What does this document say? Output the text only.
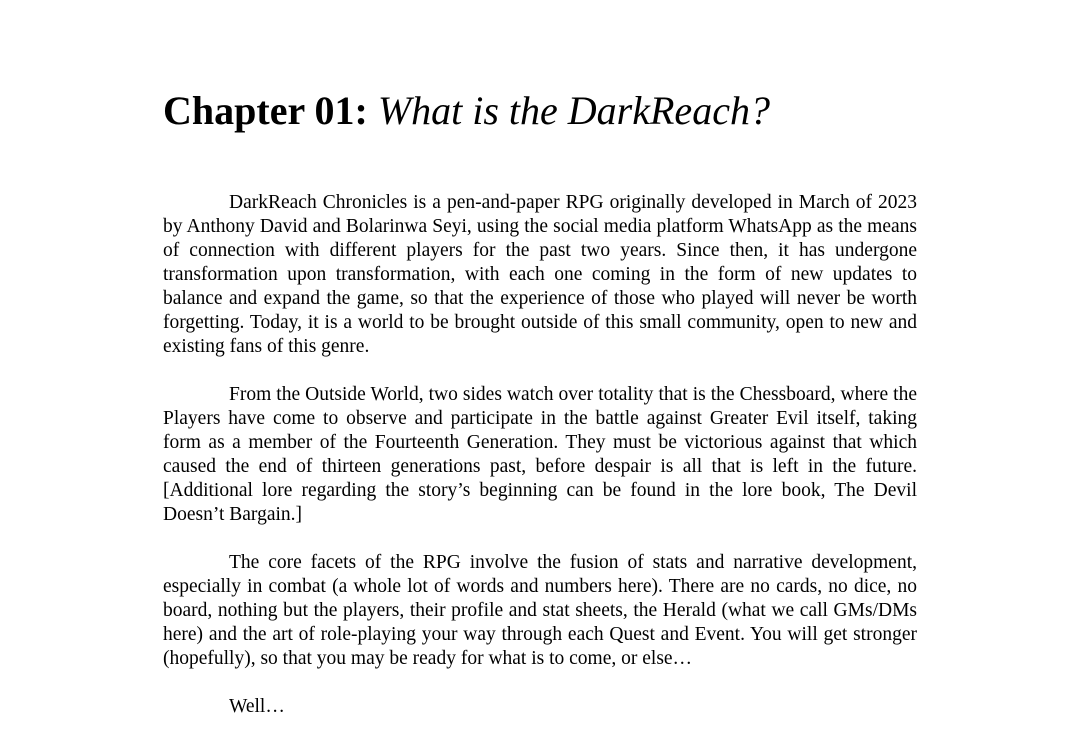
Chapter 01: What is the DarkReach?

DarkReach Chronicles is a pen-and-paper RPG originally developed in March of 2023 by Anthony David and Bolarinwa Seyi, using the social media platform WhatsApp as the means of connection with different players for the past two years. Since then, it has undergone transformation upon transformation, with each one coming in the form of new updates to balance and expand the game, so that the experience of those who played will never be worth forgetting. Today, it is a world to be brought outside of this small community, open to new and existing fans of this genre.

From the Outside World, two sides watch over totality that is the Chessboard, where the Players have come to observe and participate in the battle against Greater Evil itself, taking form as a member of the Fourteenth Generation. They must be victorious against that which caused the end of thirteen generations past, before despair is all that is left in the future. [Additional lore regarding the story’s beginning can be found in the lore book, The Devil Doesn’t Bargain.]

The core facets of the RPG involve the fusion of stats and narrative development, especially in combat (a whole lot of words and numbers here). There are no cards, no dice, no board, nothing but the players, their profile and stat sheets, the Herald (what we call GMs/DMs here) and the art of role-playing your way through each Quest and Event. You will get stronger (hopefully), so that you may be ready for what is to come, or else…

Well…
